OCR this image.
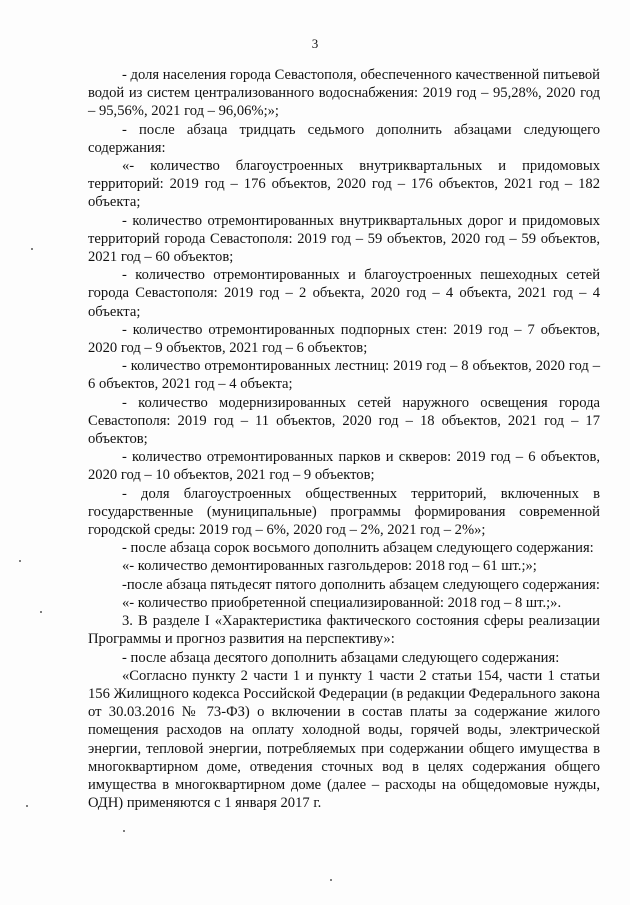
3

- доля населения города Севастополя, обеспеченного качественной питьевой водой из систем централизованного водоснабжения: 2019 год – 95,28%, 2020 год – 95,56%, 2021 год – 96,06%;»;

- после абзаца тридцать седьмого дополнить абзацами следующего содержания:

«- количество благоустроенных внутриквартальных и придомовых территорий: 2019 год – 176 объектов, 2020 год – 176 объектов, 2021 год – 182 объекта;

- количество отремонтированных внутриквартальных дорог и придомовых территорий города Севастополя: 2019 год – 59 объектов, 2020 год – 59 объектов, 2021 год – 60 объектов;

- количество отремонтированных и благоустроенных пешеходных сетей города Севастополя: 2019 год – 2 объекта, 2020 год – 4 объекта, 2021 год – 4 объекта;

- количество отремонтированных подпорных стен: 2019 год – 7 объектов, 2020 год – 9 объектов, 2021 год – 6 объектов;

- количество отремонтированных лестниц: 2019 год – 8 объектов, 2020 год – 6 объектов, 2021 год – 4 объекта;

- количество модернизированных сетей наружного освещения города Севастополя: 2019 год – 11 объектов, 2020 год – 18 объектов, 2021 год – 17 объектов;

- количество отремонтированных парков и скверов: 2019 год – 6 объектов, 2020 год – 10 объектов, 2021 год – 9 объектов;

- доля благоустроенных общественных территорий, включенных в государственные (муниципальные) программы формирования современной городской среды: 2019 год – 6%, 2020 год – 2%, 2021 год – 2%»;

- после абзаца сорок восьмого дополнить абзацем следующего содержания:

«- количество демонтированных газгольдеров: 2018 год – 61 шт.;»;

-после абзаца пятьдесят пятого дополнить абзацем следующего содержания:

«- количество приобретенной специализированной: 2018 год – 8 шт.;».

3. В разделе I «Характеристика фактического состояния сферы реализации Программы и прогноз развития на перспективу»:

- после абзаца десятого дополнить абзацами следующего содержания:

«Согласно пункту 2 части 1 и пункту 1 части 2 статьи 154, части 1 статьи 156 Жилищного кодекса Российской Федерации (в редакции Федерального закона от 30.03.2016 № 73-ФЗ) о включении в состав платы за содержание жилого помещения расходов на оплату холодной воды, горячей воды, электрической энергии, тепловой энергии, потребляемых при содержании общего имущества в многоквартирном доме, отведения сточных вод в целях содержания общего имущества в многоквартирном доме (далее – расходы на общедомовые нужды, ОДН) применяются с 1 января 2017 г.
